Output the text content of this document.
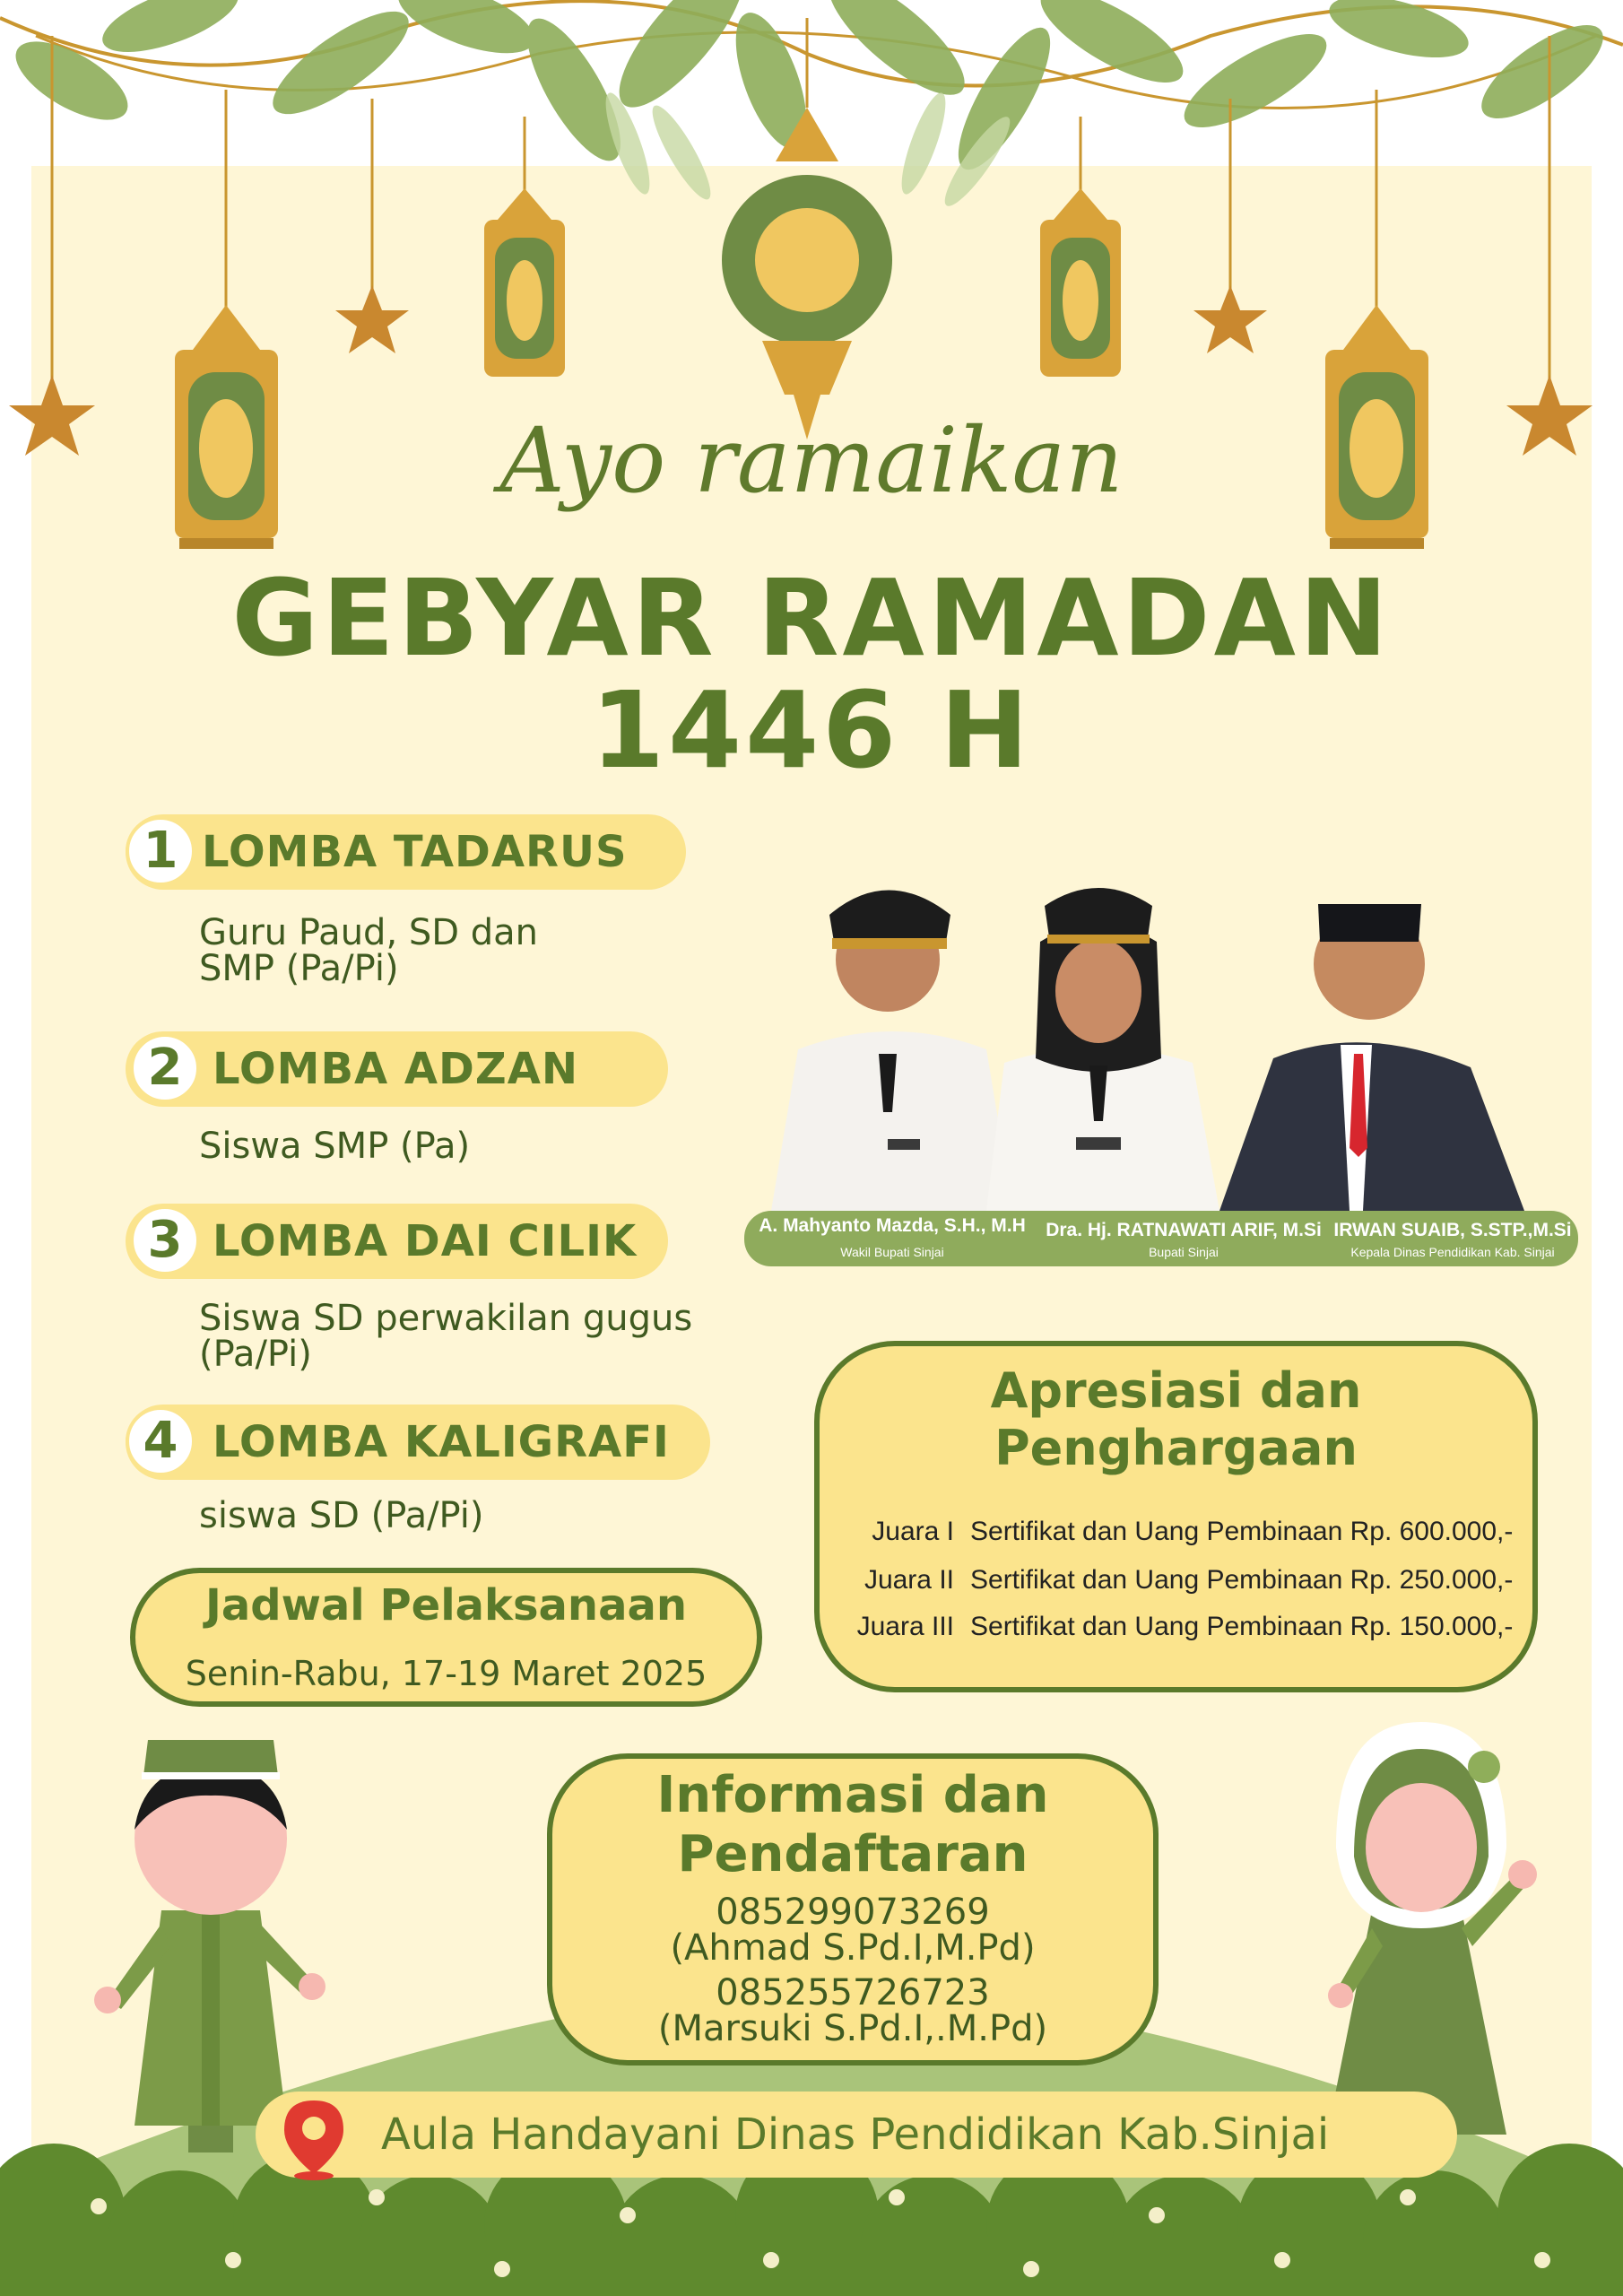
Ayo ramaikan
GEBYAR RAMADAN
1446 H
1 LOMBA TADARUS
Guru Paud, SD dan
SMP (Pa/Pi)
2 LOMBA ADZAN
Siswa SMP (Pa)
3 LOMBA DAI CILIK
Siswa SD perwakilan gugus
(Pa/Pi)
4 LOMBA KALIGRAFI
siswa SD (Pa/Pi)
Jadwal Pelaksanaan
Senin-Rabu, 17-19 Maret 2025
A. Mahyanto Mazda, S.H., M.H
Wakil Bupati Sinjai
Dra. Hj. RATNAWATI ARIF, M.Si
Bupati Sinjai
IRWAN SUAIB, S.STP.,M.Si
Kepala Dinas Pendidikan Kab. Sinjai
Apresiasi dan
Penghargaan
Juara I Sertifikat dan Uang Pembinaan Rp. 600.000,-
Juara II Sertifikat dan Uang Pembinaan Rp. 250.000,-
Juara III Sertifikat dan Uang Pembinaan Rp. 150.000,-
Informasi dan
Pendaftaran
085299073269
(Ahmad S.Pd.I,M.Pd)
085255726723
(Marsuki S.Pd.I,.M.Pd)
Aula Handayani Dinas Pendidikan Kab.Sinjai
